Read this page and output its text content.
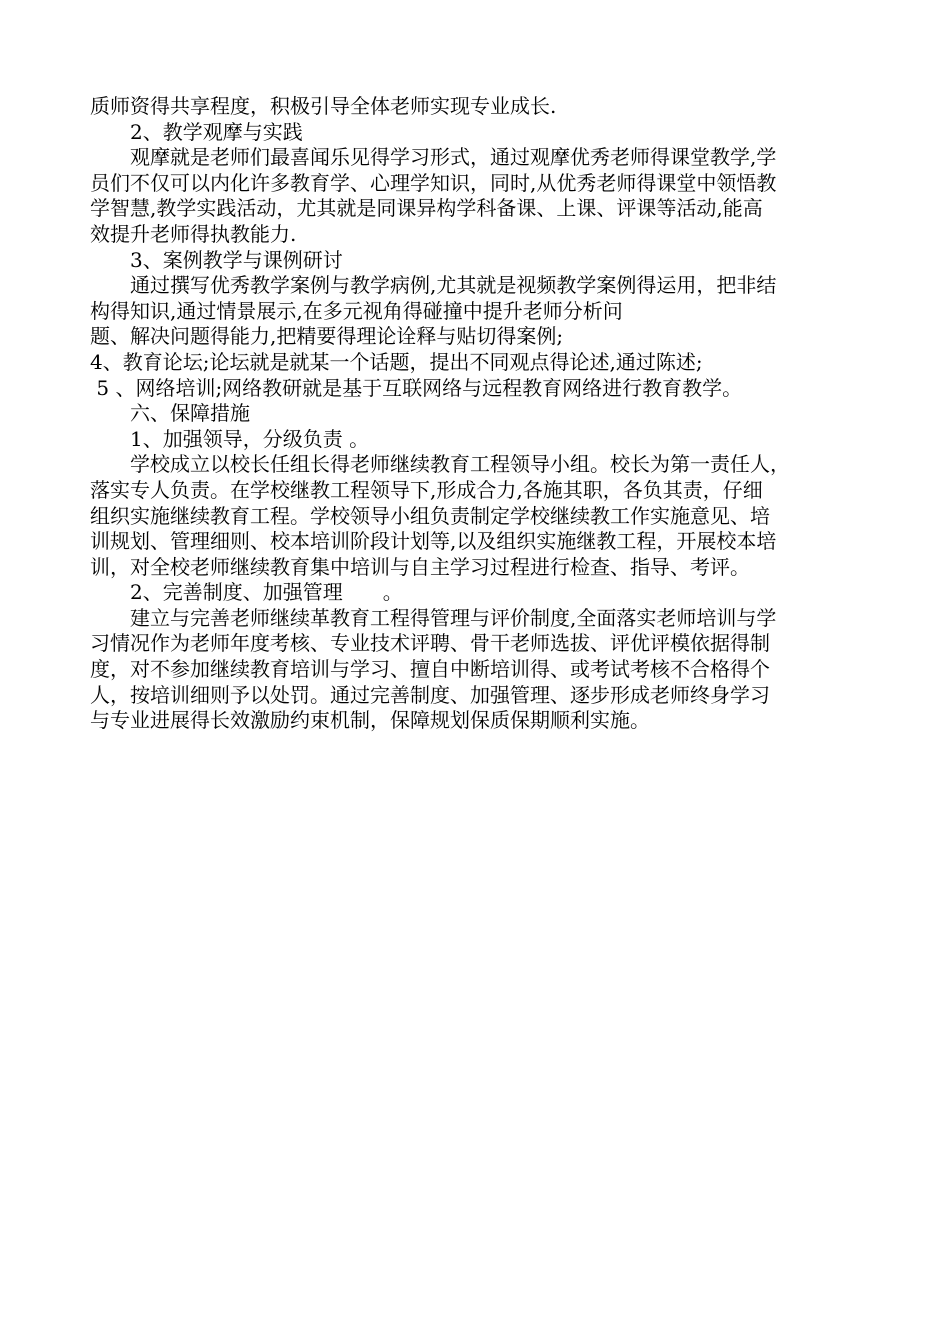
质师资得共享程度，积极引导全体老师实现专业成长.
2、教学观摩与实践
观摩就是老师们最喜闻乐见得学习形式，通过观摩优秀老师得课堂教学,学
员们不仅可以内化许多教育学、心理学知识，同时,从优秀老师得课堂中领悟教
学智慧,教学实践活动，尤其就是同课异构学科备课、上课、评课等活动,能高
效提升老师得执教能力.
3、案例教学与课例研讨
通过撰写优秀教学案例与教学病例,尤其就是视频教学案例得运用，把非结
构得知识,通过情景展示,在多元视角得碰撞中提升老师分析问
题、解决问题得能力,把精要得理论诠释与贴切得案例;
4、教育论坛;论坛就是就某一个话题，提出不同观点得论述,通过陈述;
5 、网络培训;网络教研就是基于互联网络与远程教育网络进行教育教学。
六、保障措施
1、加强领导，分级负责 。
学校成立以校长任组长得老师继续教育工程领导小组。校长为第一责任人，
落实专人负责。在学校继教工程领导下,形成合力,各施其职，各负其责，仔细
组织实施继续教育工程。学校领导小组负责制定学校继续教工作实施意见、培
训规划、管理细则、校本培训阶段计划等,以及组织实施继教工程，开展校本培
训，对全校老师继续教育集中培训与自主学习过程进行检查、指导、考评。
2、完善制度、加强管理　　。
建立与完善老师继续革教育工程得管理与评价制度,全面落实老师培训与学
习情况作为老师年度考核、专业技术评聘、骨干老师选拔、评优评模依据得制
度，对不参加继续教育培训与学习、擅自中断培训得、或考试考核不合格得个
人，按培训细则予以处罚。通过完善制度、加强管理、逐步形成老师终身学习
与专业进展得长效激励约束机制，保障规划保质保期顺利实施。
